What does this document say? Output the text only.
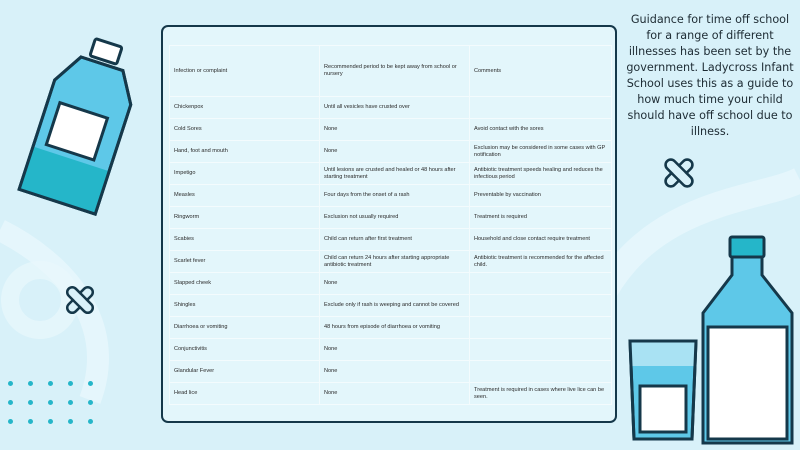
Infection or complaint	Recommended period to be kept away from school or nursery	Comments
Chickenpox	Until all vesicles have crusted over	
Cold Sores	None	Avoid contact with the sores
Hand, foot and mouth	None	Exclusion may be considered in some cases with GP notification
Impetigo	Until lesions are crusted and healed or 48 hours after starting treatment	Antibiotic treatment speeds healing and reduces the infectious period
Measles	Four days from the onset of a rash	Preventable by vaccination
Ringworm	Exclusion not usually required	Treatment is required
Scabies	Child can return after first treatment	Household and close contact require treatment
Scarlet fever	Child can return 24 hours after starting appropriate antibiotic treatment	Antibiotic treatment is recommended for the affected child.
Slapped cheek	None	
Shingles	Exclude only if rash is weeping and cannot be covered	
Diarrhoea or vomiting	48 hours from episode of diarrhoea or vomiting	
Conjunctivitis	None	
Glandular Fever	None	
Head lice	None	Treatment is required in cases where live lice can be seen.
Guidance for time off school for a range of different illnesses has been set by the government. Ladycross Infant School uses this as a guide to how much time your child should have off school due to illness.
